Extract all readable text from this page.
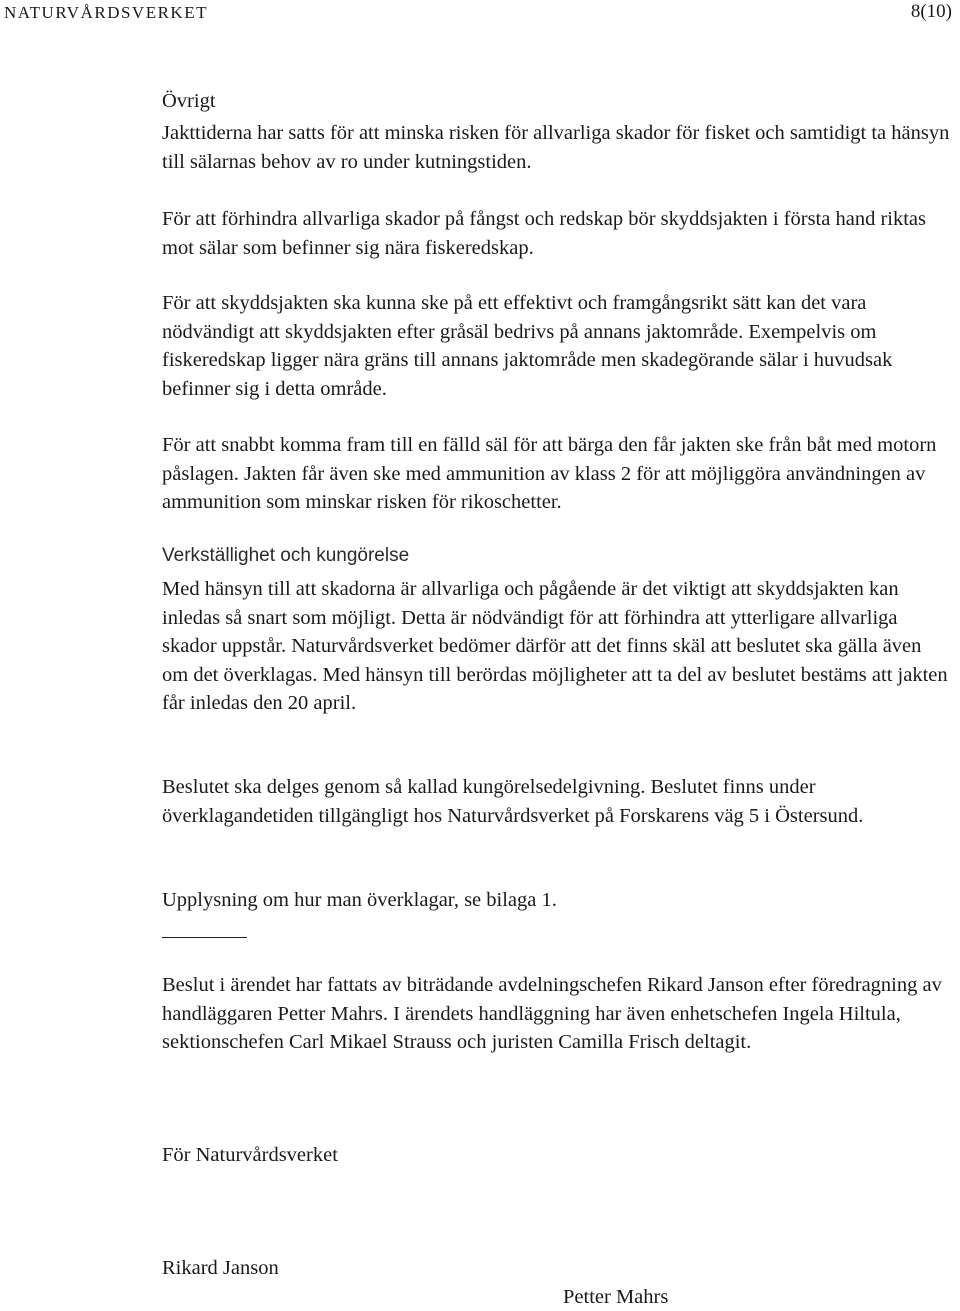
NATURVÅRDSVERKET	8(10)
Övrigt

Jakttiderna har satts för att minska risken för allvarliga skador för fisket och samtidigt ta hänsyn till sälarnas behov av ro under kutningstiden.

För att förhindra allvarliga skador på fångst och redskap bör skyddsjakten i första hand riktas mot sälar som befinner sig nära fiskeredskap.

För att skyddsjakten ska kunna ske på ett effektivt och framgångsrikt sätt kan det vara nödvändigt att skyddsjakten efter gråsäl bedrivs på annans jaktområde. Exempelvis om fiskeredskap ligger nära gräns till annans jaktområde men skadegörande sälar i huvudsak befinner sig i detta område.

För att snabbt komma fram till en fälld säl för att bärga den får jakten ske från båt med motorn påslagen. Jakten får även ske med ammunition av klass 2 för att möjliggöra användningen av ammunition som minskar risken för rikoschetter.

Verkställighet och kungörelse

Med hänsyn till att skadorna är allvarliga och pågående är det viktigt att skyddsjakten kan inledas så snart som möjligt. Detta är nödvändigt för att förhindra att ytterligare allvarliga skador uppstår. Naturvårdsverket bedömer därför att det finns skäl att beslutet ska gälla även om det överklagas. Med hänsyn till berördas möjligheter att ta del av beslutet bestäms att jakten får inledas den 20 april.

Beslutet ska delges genom så kallad kungörelsedelgivning. Beslutet finns under överklagandetiden tillgängligt hos Naturvårdsverket på Forskarens väg 5 i Östersund.

Upplysning om hur man överklagar, se bilaga 1.

Beslut i ärendet har fattats av biträdande avdelningschefen Rikard Janson efter föredragning av handläggaren Petter Mahrs. I ärendets handläggning har även enhetschefen Ingela Hiltula, sektionschefen Carl Mikael Strauss och juristen Camilla Frisch deltagit.

För Naturvårdsverket
Rikard Janson
Petter Mahrs
